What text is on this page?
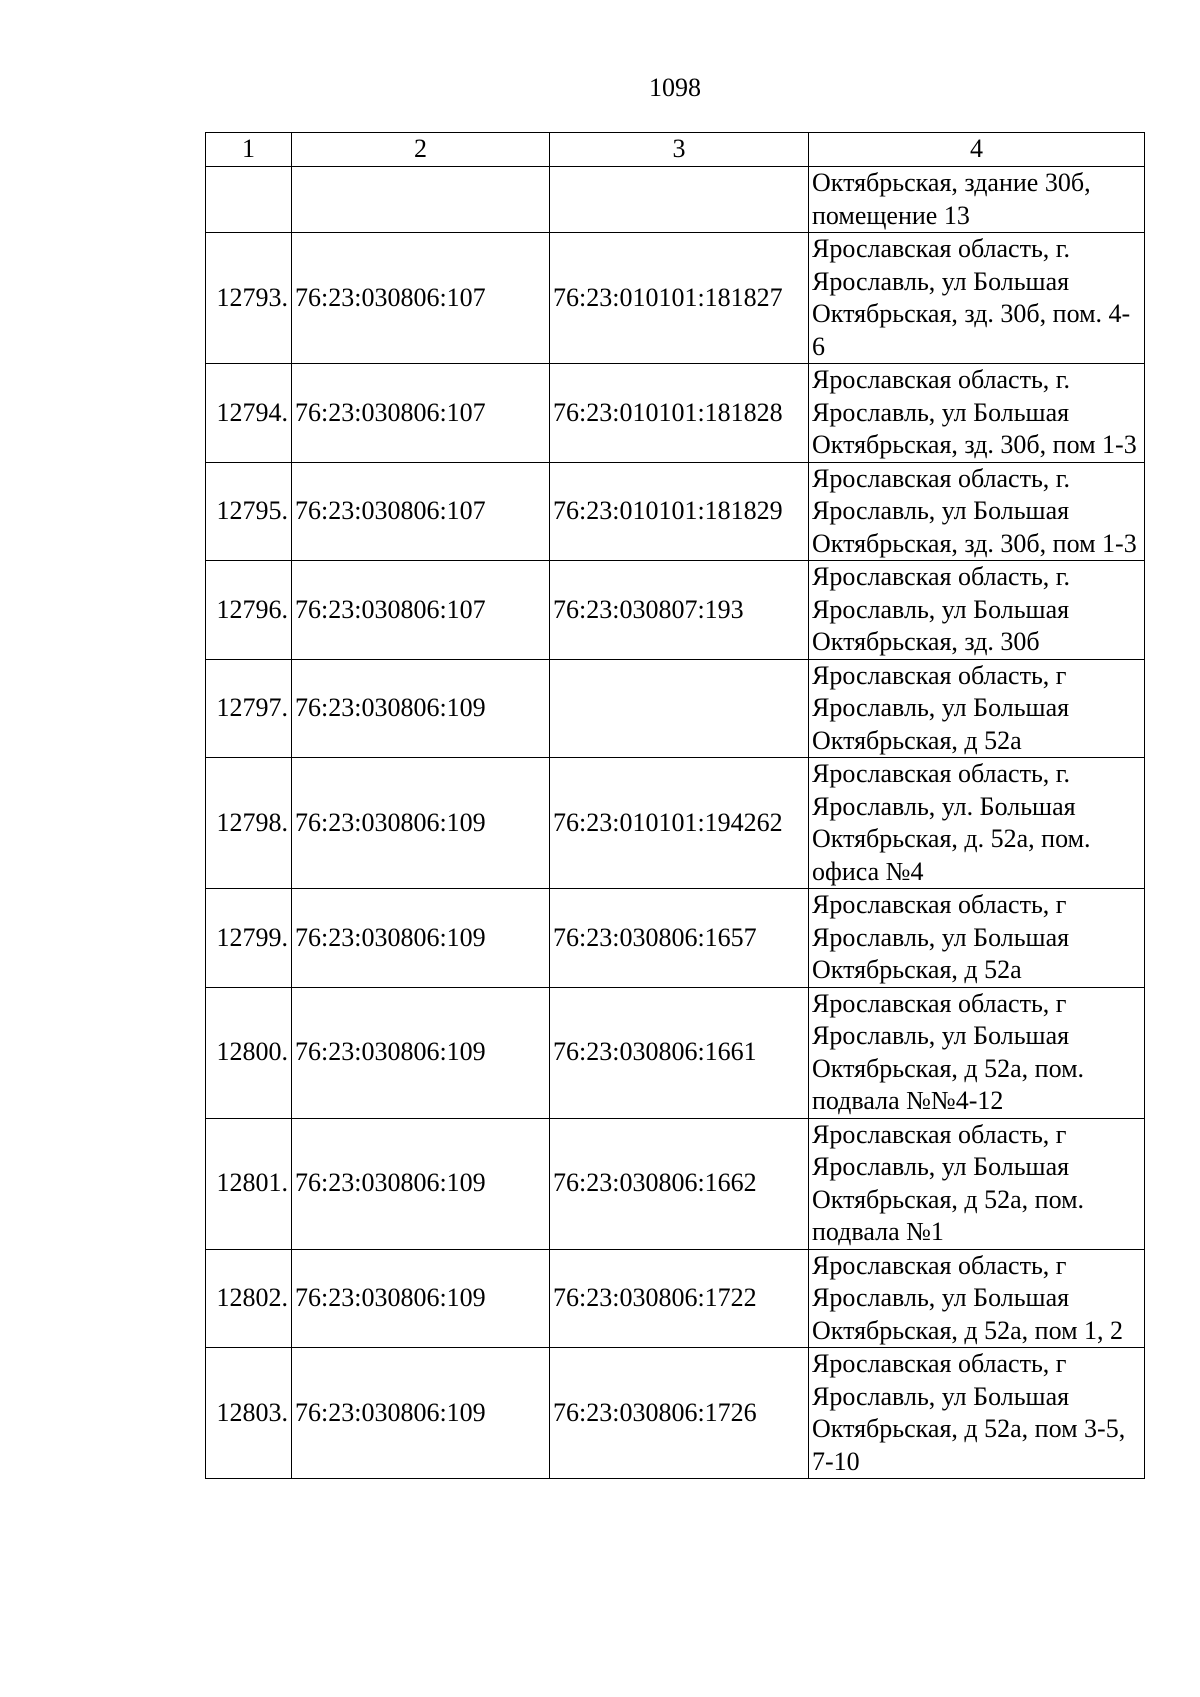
1098
1	2	3	4
			Октябрьская, здание 30б, помещение 13
12793.	76:23:030806:107	76:23:010101:181827	Ярославская область, г. Ярославль, ул Большая Октябрьская, зд. 30б, пом. 4-6
12794.	76:23:030806:107	76:23:010101:181828	Ярославская область, г. Ярославль, ул Большая Октябрьская, зд. 30б, пом 1-3
12795.	76:23:030806:107	76:23:010101:181829	Ярославская область, г. Ярославль, ул Большая Октябрьская, зд. 30б, пом 1-3
12796.	76:23:030806:107	76:23:030807:193	Ярославская область, г. Ярославль, ул Большая Октябрьская, зд. 30б
12797.	76:23:030806:109		Ярославская область, г Ярославль, ул Большая Октябрьская, д 52а
12798.	76:23:030806:109	76:23:010101:194262	Ярославская область, г. Ярославль, ул. Большая Октябрьская, д. 52а, пом. офиса №4
12799.	76:23:030806:109	76:23:030806:1657	Ярославская область, г Ярославль, ул Большая Октябрьская, д 52а
12800.	76:23:030806:109	76:23:030806:1661	Ярославская область, г Ярославль, ул Большая Октябрьская, д 52а, пом. подвала №№4-12
12801.	76:23:030806:109	76:23:030806:1662	Ярославская область, г Ярославль, ул Большая Октябрьская, д 52а, пом. подвала №1
12802.	76:23:030806:109	76:23:030806:1722	Ярославская область, г Ярославль, ул Большая Октябрьская, д 52а, пом 1, 2
12803.	76:23:030806:109	76:23:030806:1726	Ярославская область, г Ярославль, ул Большая Октябрьская, д 52а, пом 3-5, 7-10
